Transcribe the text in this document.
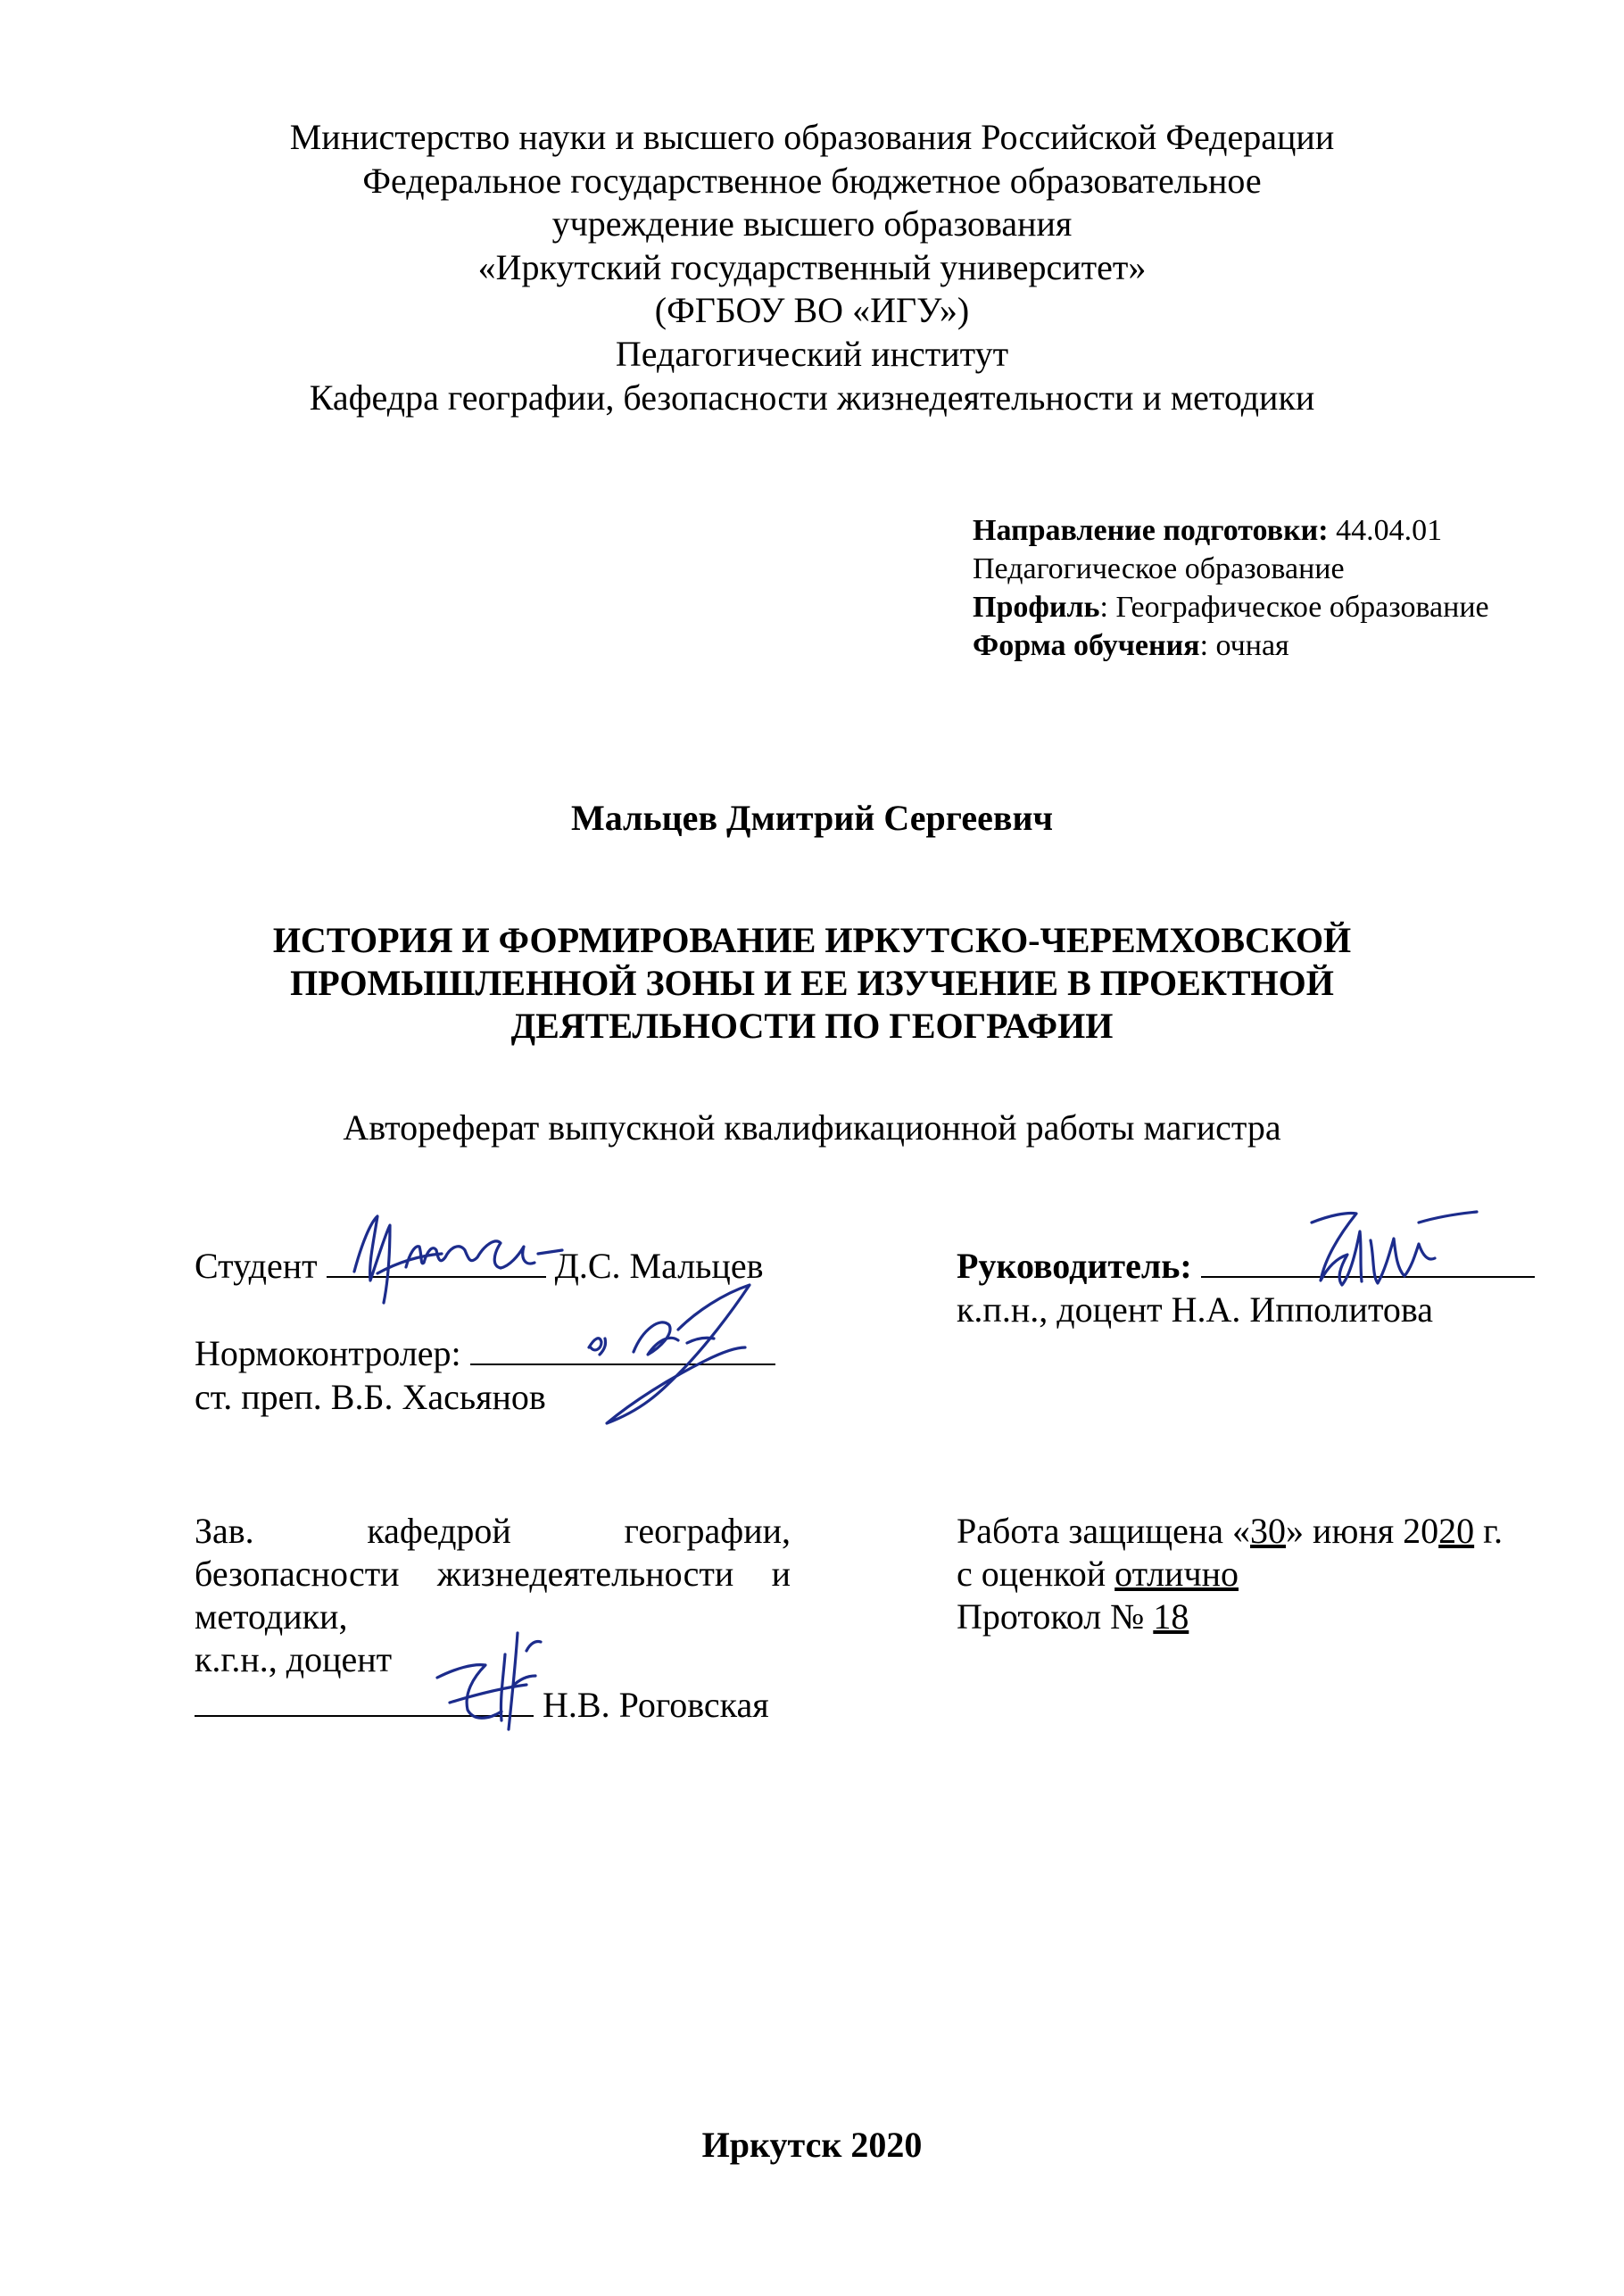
Министерство науки и высшего образования Российской Федерации
Федеральное государственное бюджетное образовательное
учреждение высшего образования
«Иркутский государственный университет»
(ФГБОУ ВО «ИГУ»)
Педагогический институт
Кафедра географии, безопасности жизнедеятельности и методики
Направление подготовки: 44.04.01
Педагогическое образование
Профиль: Географическое образование
Форма обучения: очная
Мальцев Дмитрий Сергеевич
ИСТОРИЯ И ФОРМИРОВАНИЕ ИРКУТСКО-ЧЕРЕМХОВСКОЙ
ПРОМЫШЛЕННОЙ ЗОНЫ И ЕЕ ИЗУЧЕНИЕ В ПРОЕКТНОЙ
ДЕЯТЕЛЬНОСТИ ПО ГЕОГРАФИИ
Автореферат выпускной квалификационной работы магистра
Студент	Д.С. Мальцев
Нормоконтролер:
ст. преп. В.Б. Хасьянов
Руководитель:
к.п.н., доцент Н.А. Ипполитова
Зав.	кафедрой	географии,
безопасности жизнедеятельности и
методики,
к.г.н., доцент
Н.В. Роговская
Работа защищена «30» июня 2020 г.
с оценкой отлично
Протокол № 18
Иркутск 2020
